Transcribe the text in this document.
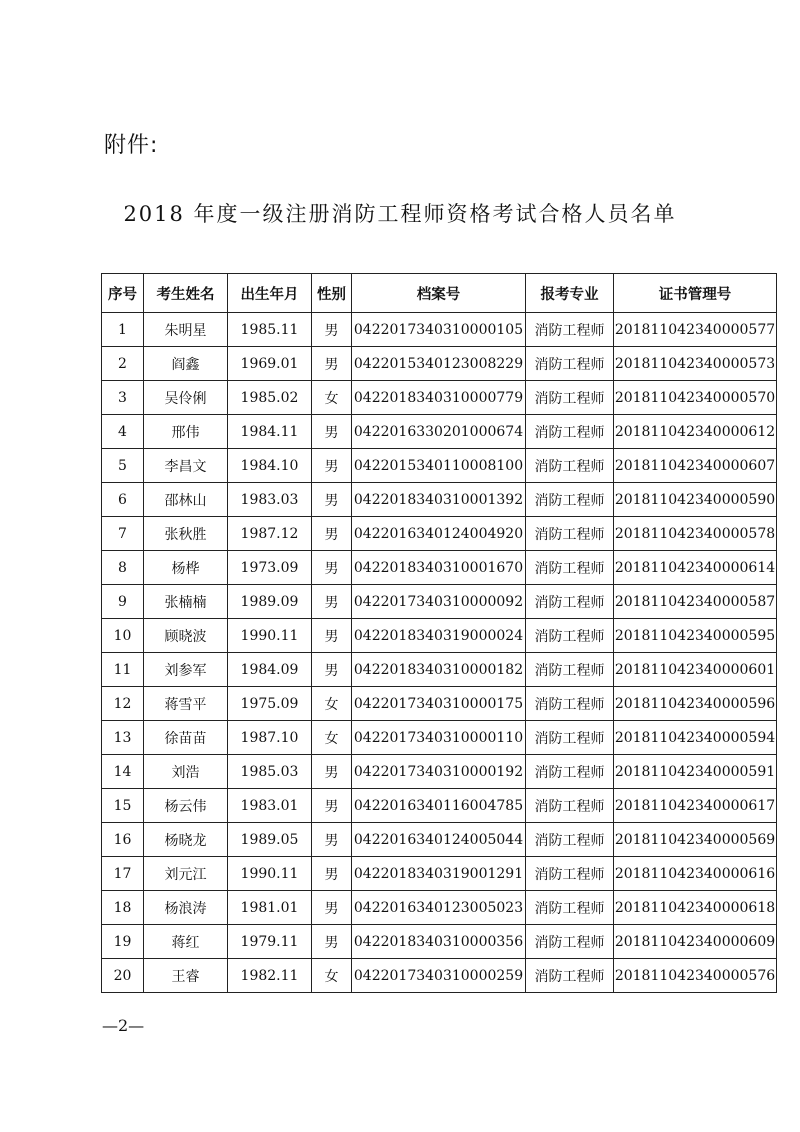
附件:
2018 年度一级注册消防工程师资格考试合格人员名单
序号	考生姓名	出生年月	性别	档案号	报考专业	证书管理号
1	朱明星	1985.11	男	0422017340310000105	消防工程师	201811042340000577
2	阎鑫	1969.01	男	0422015340123008229	消防工程师	201811042340000573
3	吴伶俐	1985.02	女	0422018340310000779	消防工程师	201811042340000570
4	邢伟	1984.11	男	0422016330201000674	消防工程师	201811042340000612
5	李昌文	1984.10	男	0422015340110008100	消防工程师	201811042340000607
6	邵林山	1983.03	男	0422018340310001392	消防工程师	201811042340000590
7	张秋胜	1987.12	男	0422016340124004920	消防工程师	201811042340000578
8	杨桦	1973.09	男	0422018340310001670	消防工程师	201811042340000614
9	张楠楠	1989.09	男	0422017340310000092	消防工程师	201811042340000587
10	顾晓波	1990.11	男	0422018340319000024	消防工程师	201811042340000595
11	刘参军	1984.09	男	0422018340310000182	消防工程师	201811042340000601
12	蒋雪平	1975.09	女	0422017340310000175	消防工程师	201811042340000596
13	徐苗苗	1987.10	女	0422017340310000110	消防工程师	201811042340000594
14	刘浩	1985.03	男	0422017340310000192	消防工程师	201811042340000591
15	杨云伟	1983.01	男	0422016340116004785	消防工程师	201811042340000617
16	杨晓龙	1989.05	男	0422016340124005044	消防工程师	201811042340000569
17	刘元江	1990.11	男	0422018340319001291	消防工程师	201811042340000616
18	杨浪涛	1981.01	男	0422016340123005023	消防工程师	201811042340000618
19	蒋红	1979.11	男	0422018340310000356	消防工程师	201811042340000609
20	王睿	1982.11	女	0422017340310000259	消防工程师	201811042340000576
—2—
